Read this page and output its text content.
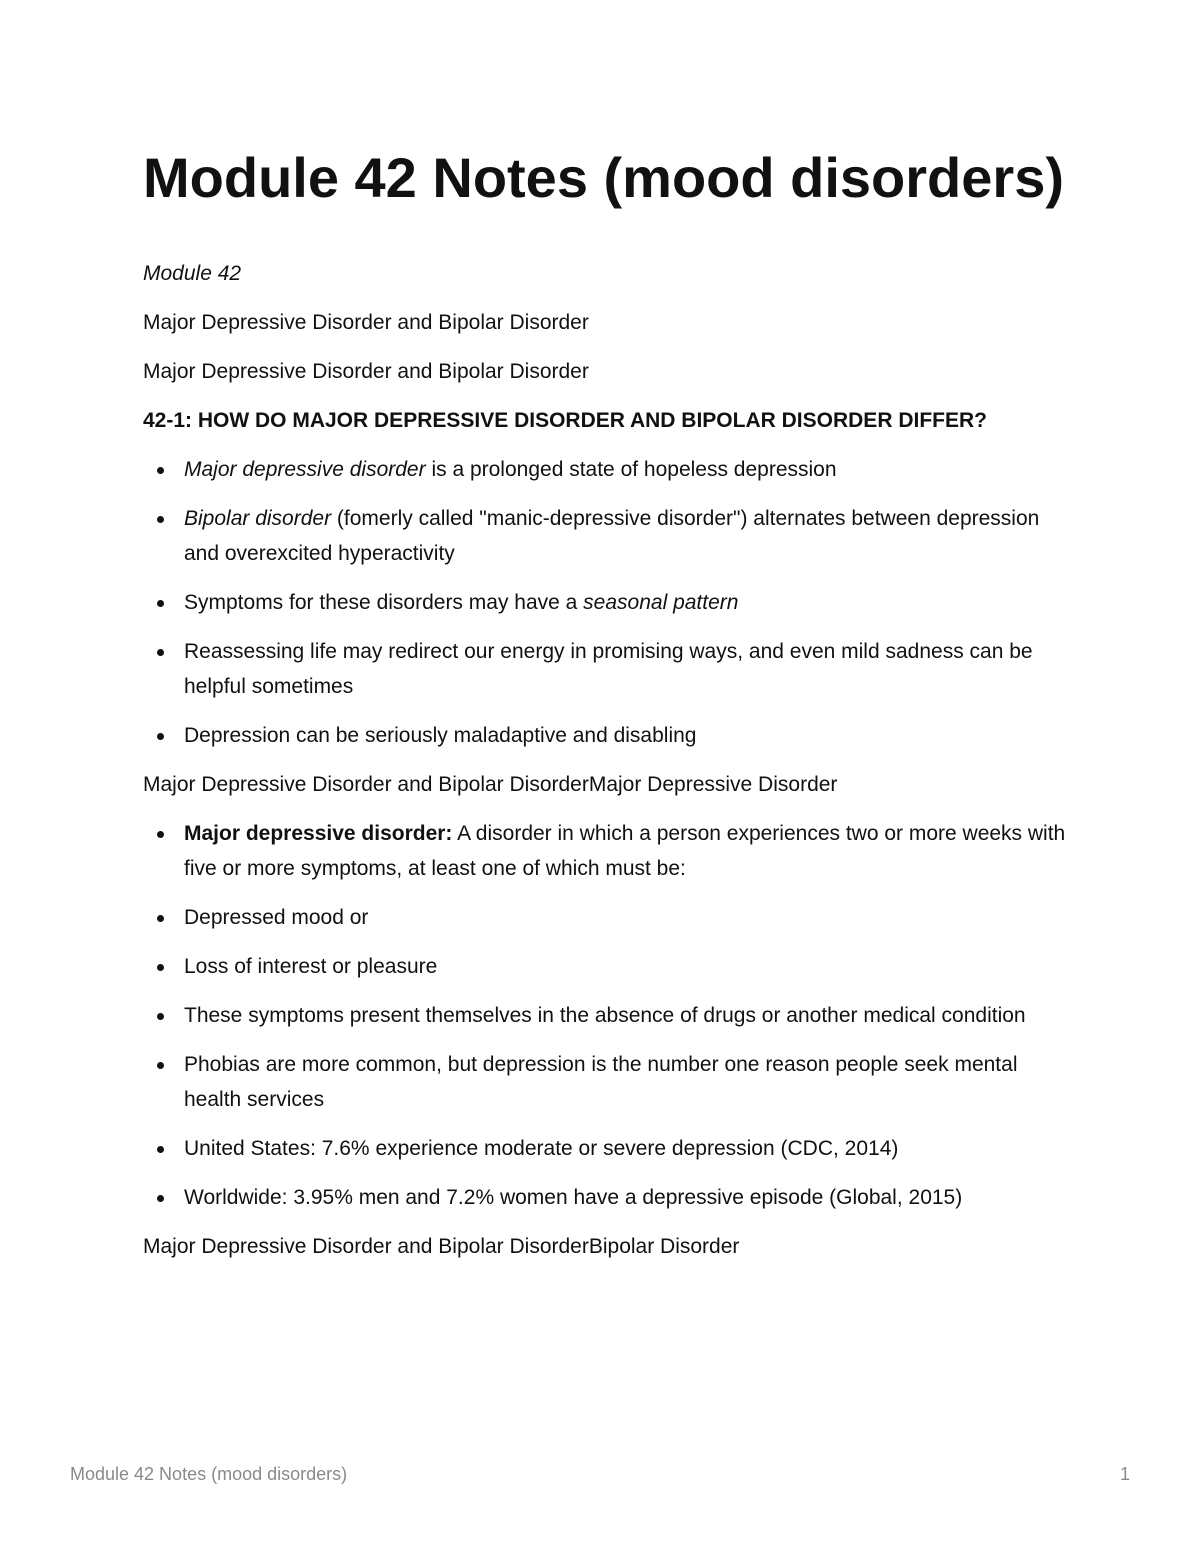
Module 42 Notes (mood disorders)

Module 42

Major Depressive Disorder and Bipolar Disorder

Major Depressive Disorder and Bipolar Disorder

42-1: HOW DO MAJOR DEPRESSIVE DISORDER AND BIPOLAR DISORDER DIFFER?

Major depressive disorder is a prolonged state of hopeless depression
Bipolar disorder (fomerly called "manic-depressive disorder") alternates between depression and overexcited hyperactivity
Symptoms for these disorders may have a seasonal pattern
Reassessing life may redirect our energy in promising ways, and even mild sadness can be helpful sometimes
Depression can be seriously maladaptive and disabling

Major Depressive Disorder and Bipolar DisorderMajor Depressive Disorder

Major depressive disorder: A disorder in which a person experiences two or more weeks with five or more symptoms, at least one of which must be:
Depressed mood or
Loss of interest or pleasure
These symptoms present themselves in the absence of drugs or another medical condition
Phobias are more common, but depression is the number one reason people seek mental health services
United States: 7.6% experience moderate or severe depression (CDC, 2014)
Worldwide: 3.95% men and 7.2% women have a depressive episode (Global, 2015)

Major Depressive Disorder and Bipolar DisorderBipolar Disorder

Module 42 Notes (mood disorders)	1
